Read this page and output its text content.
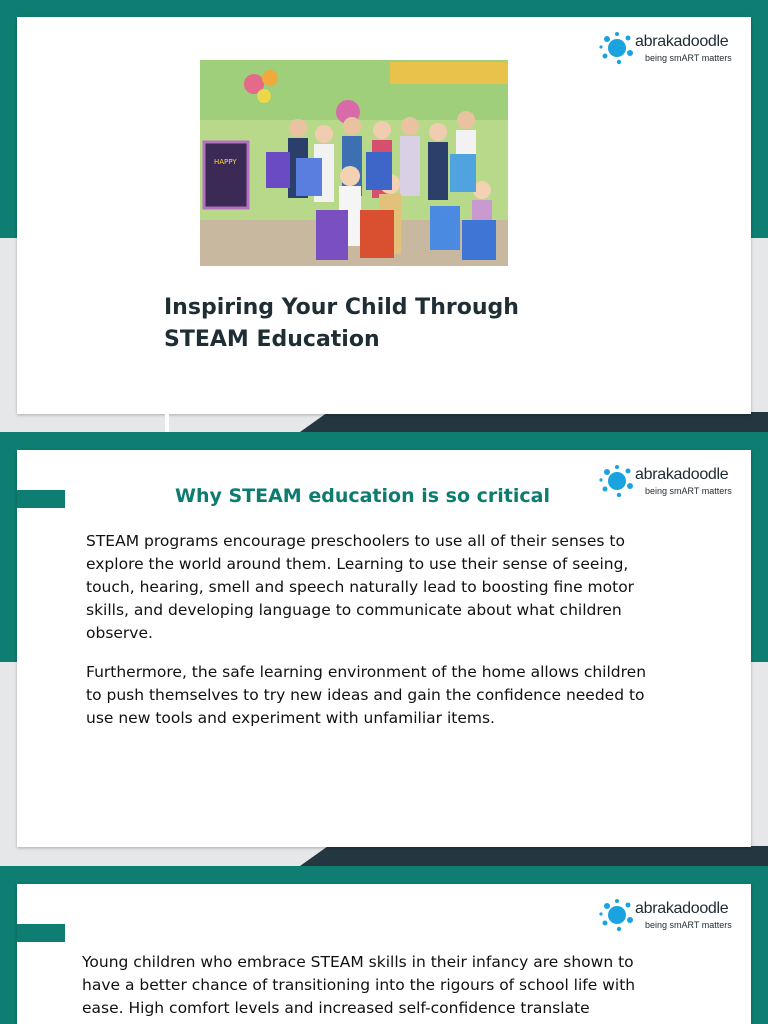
abrakadoodle
being smART matters
HAPPY
Inspiring Your Child Through STEAM Education
abrakadoodle
being smART matters
Why STEAM education is so critical

STEAM programs encourage preschoolers to use all of their senses to explore the world around them. Learning to use their sense of seeing, touch, hearing, smell and speech naturally lead to boosting fine motor skills, and developing language to communicate about what children observe.

Furthermore, the safe learning environment of the home allows children to push themselves to try new ideas and gain the confidence needed to use new tools and experiment with unfamiliar items.

abrakadoodle
being smART matters

Young children who embrace STEAM skills in their infancy are shown to have a better chance of transitioning into the rigours of school life with ease. High comfort levels and increased self-confidence translate
